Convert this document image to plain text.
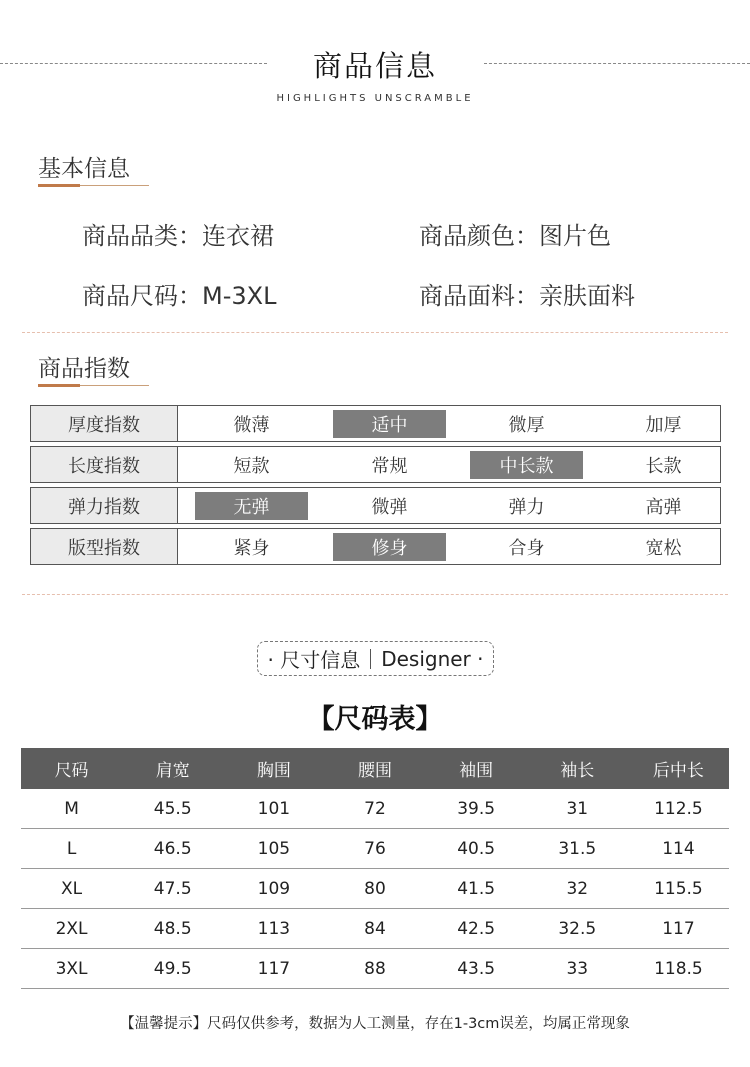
商品信息
HIGHLIGHTS UNSCRAMBLE
基本信息
商品品类：连衣裙	商品颜色：图片色
商品尺码：M-3XL	商品面料：亲肤面料
商品指数
厚度指数	微薄	适中	微厚	加厚
长度指数	短款	常规	中长款	长款
弹力指数	无弹	微弹	弹力	高弹
版型指数	紧身	修身	合身	宽松
· 尺寸信息 Designer ·
【尺码表】
尺码	肩宽	胸围	腰围	袖围	袖长	后中长
M	45.5	101	72	39.5	31	112.5
L	46.5	105	76	40.5	31.5	114
XL	47.5	109	80	41.5	32	115.5
2XL	48.5	113	84	42.5	32.5	117
3XL	49.5	117	88	43.5	33	118.5
【温馨提示】尺码仅供参考，数据为人工测量，存在1-3cm误差，均属正常现象
